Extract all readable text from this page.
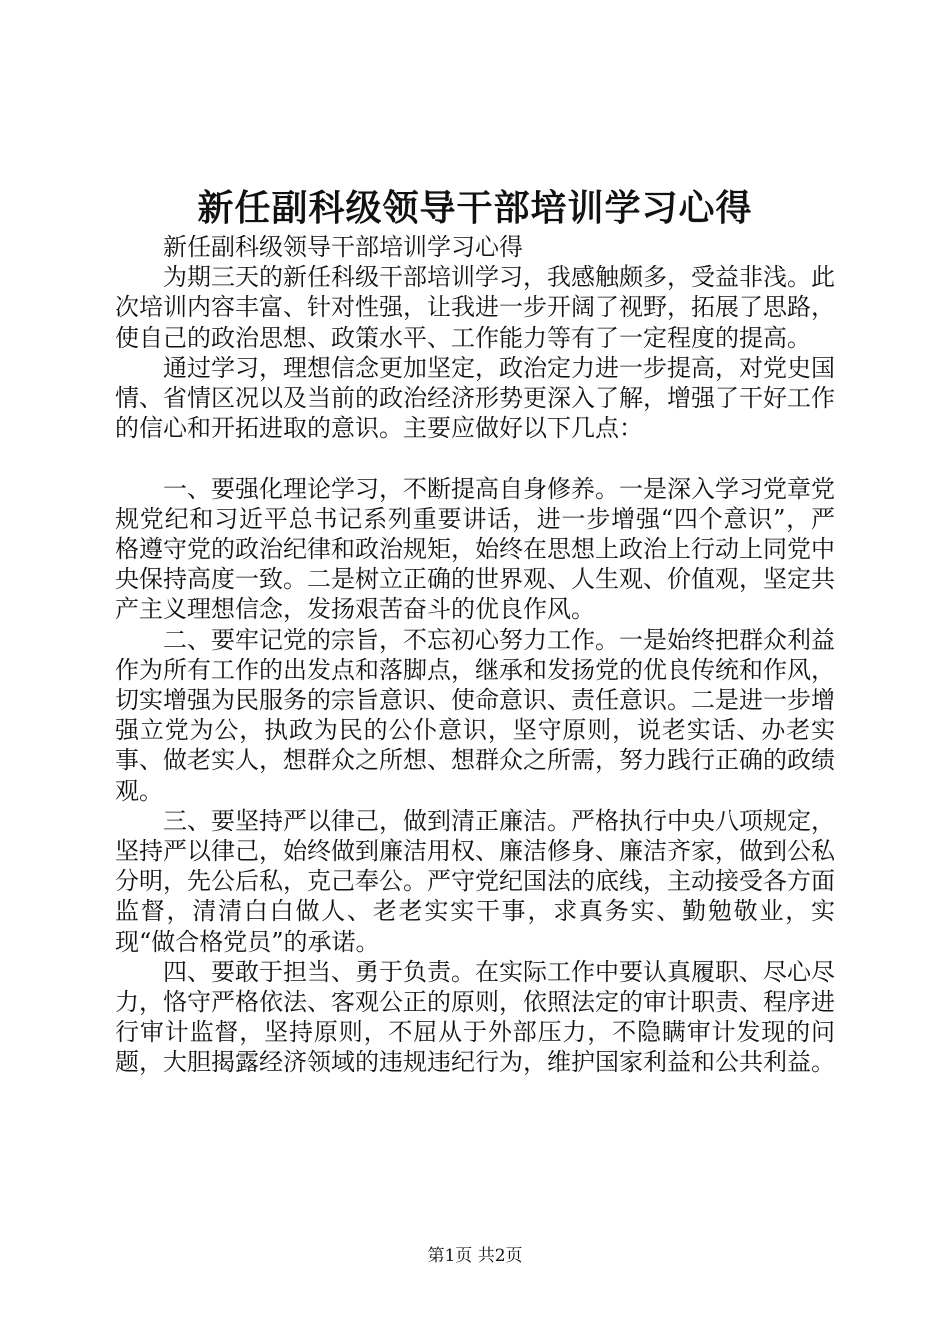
新任副科级领导干部培训学习心得

新任副科级领导干部培训学习心得

为期三天的新任科级干部培训学习，我感触颇多，受益非浅。此次培训内容丰富、针对性强，让我进一步开阔了视野，拓展了思路，使自己的政治思想、政策水平、工作能力等有了一定程度的提高。

通过学习，理想信念更加坚定，政治定力进一步提高，对党史国情、省情区况以及当前的政治经济形势更深入了解，增强了干好工作的信心和开拓进取的意识。主要应做好以下几点：

一、要强化理论学习，不断提高自身修养。一是深入学习党章党规党纪和习近平总书记系列重要讲话，进一步增强“四个意识”，严格遵守党的政治纪律和政治规矩，始终在思想上政治上行动上同党中央保持高度一致。二是树立正确的世界观、人生观、价值观，坚定共产主义理想信念，发扬艰苦奋斗的优良作风。

二、要牢记党的宗旨，不忘初心努力工作。一是始终把群众利益作为所有工作的出发点和落脚点，继承和发扬党的优良传统和作风，切实增强为民服务的宗旨意识、使命意识、责任意识。二是进一步增强立党为公，执政为民的公仆意识，坚守原则，说老实话、办老实事、做老实人，想群众之所想、想群众之所需，努力践行正确的政绩观。

三、要坚持严以律己，做到清正廉洁。严格执行中央八项规定，坚持严以律己，始终做到廉洁用权、廉洁修身、廉洁齐家，做到公私分明，先公后私，克己奉公。严守党纪国法的底线，主动接受各方面监督，清清白白做人、老老实实干事，求真务实、勤勉敬业，实现“做合格党员”的承诺。

四、要敢于担当、勇于负责。在实际工作中要认真履职、尽心尽力，恪守严格依法、客观公正的原则，依照法定的审计职责、程序进行审计监督，坚持原则，不屈从于外部压力，不隐瞒审计发现的问题，大胆揭露经济领域的违规违纪行为，维护国家利益和公共利益。

第1页 共2页
